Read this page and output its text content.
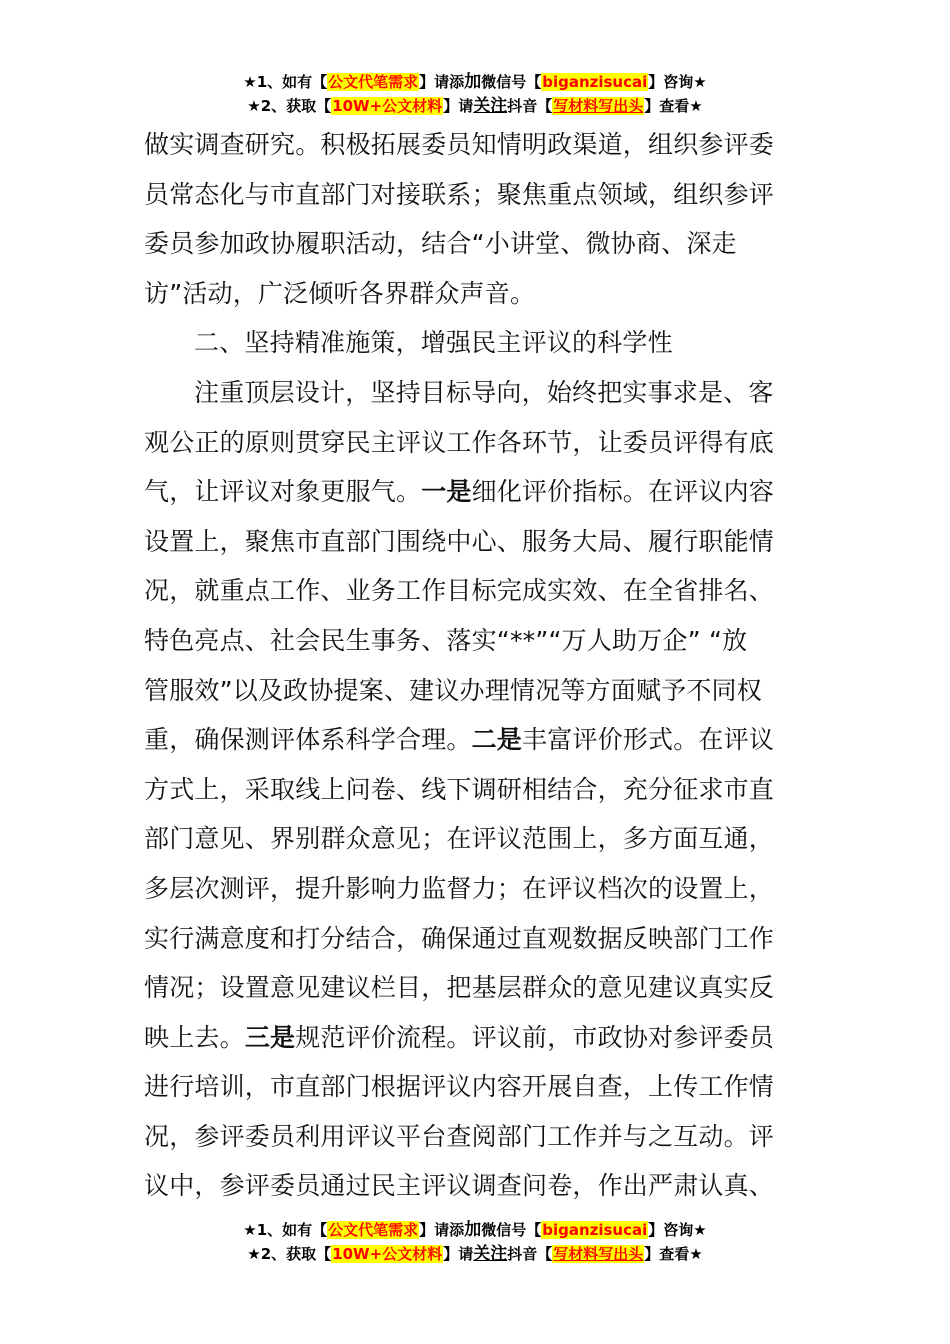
★1、如有【公文代笔需求】请添加微信号【biganzisucai】咨询★
★2、获取【10W+公文材料】请关注抖音【写材料写出头】查看★
做实调查研究。积极拓展委员知情明政渠道，组织参评委
员常态化与市直部门对接联系；聚焦重点领域，组织参评
委员参加政协履职活动，结合“小讲堂、微协商、深走
访”活动，广泛倾听各界群众声音。
二、坚持精准施策，增强民主评议的科学性
注重顶层设计，坚持目标导向，始终把实事求是、客
观公正的原则贯穿民主评议工作各环节，让委员评得有底
气，让评议对象更服气。一是细化评价指标。在评议内容
设置上，聚焦市直部门围绕中心、服务大局、履行职能情
况，就重点工作、业务工作目标完成实效、在全省排名、
特色亮点、社会民生事务、落实“**”“万人助万企” “放
管服效”以及政协提案、建议办理情况等方面赋予不同权
重，确保测评体系科学合理。二是丰富评价形式。在评议
方式上，采取线上问卷、线下调研相结合，充分征求市直
部门意见、界别群众意见；在评议范围上，多方面互通，
多层次测评，提升影响力监督力；在评议档次的设置上，
实行满意度和打分结合，确保通过直观数据反映部门工作
情况；设置意见建议栏目，把基层群众的意见建议真实反
映上去。三是规范评价流程。评议前，市政协对参评委员
进行培训，市直部门根据评议内容开展自查，上传工作情
况，参评委员利用评议平台查阅部门工作并与之互动。评
议中，参评委员通过民主评议调查问卷，作出严肃认真、
★1、如有【公文代笔需求】请添加微信号【biganzisucai】咨询★
★2、获取【10W+公文材料】请关注抖音【写材料写出头】查看★
